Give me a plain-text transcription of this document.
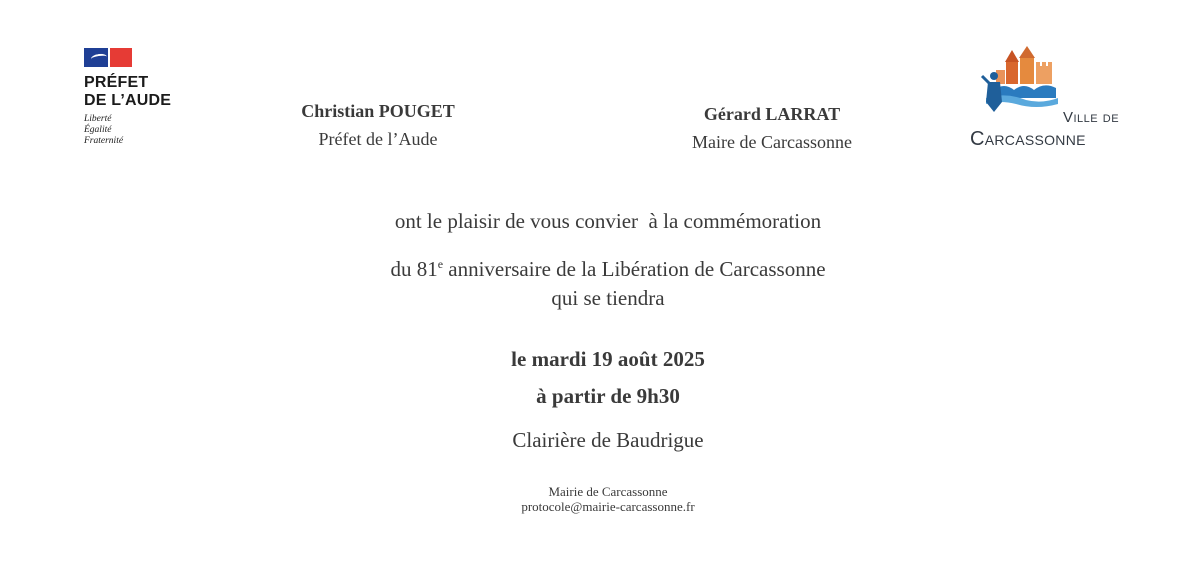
PRÉFET
DE L’AUDE
Liberté
Égalité
Fraternité
Christian POUGET
Préfet de l’Aude
Gérard LARRAT
Maire de Carcassonne
Ville de
Carcassonne
ont le plaisir de vous convier  à la commémoration
du 81e anniversaire de la Libération de Carcassonne
qui se tiendra
le mardi 19 août 2025
à partir de 9h30
Clairière de Baudrigue
Mairie de Carcassonne
protocole@mairie-carcassonne.fr
